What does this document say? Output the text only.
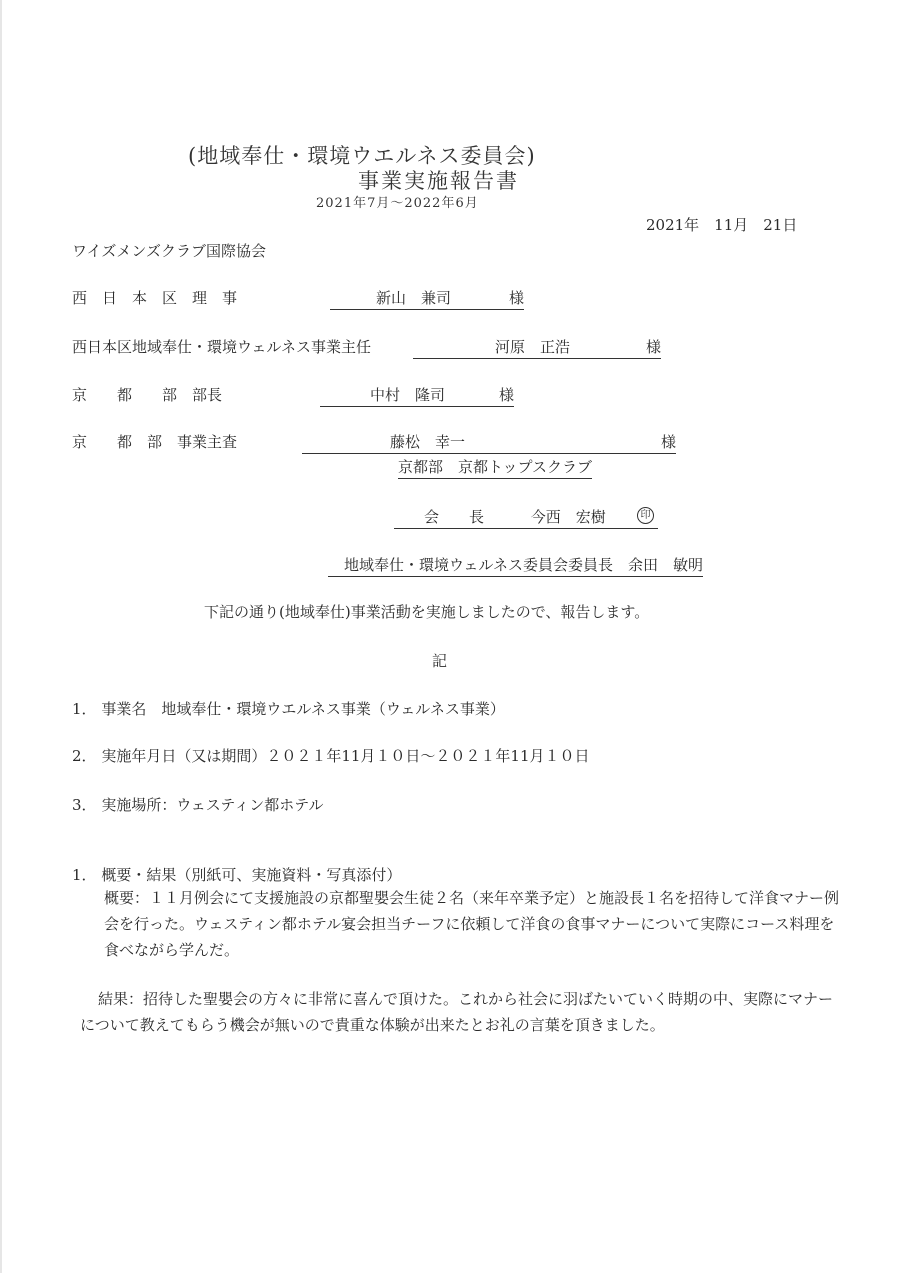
(地域奉仕・環境ウエルネス委員会)
事業実施報告書
2021年7月〜2022年6月
2021年　11月　21日
ワイズメンズクラブ国際協会
西　日　本　区　理　事	新山　兼司	様
西日本区地域奉仕・環境ウェルネス事業主任	河原　正浩	様
京　　都　　部　部長	中村　隆司	様
京　　都　部　事業主査	藤松　幸一	様
京都部　京都トップスクラブ
会　　長	今西　宏樹	印
地域奉仕・環境ウェルネス委員会委員長　余田　敏明
下記の通り(地域奉仕)事業活動を実施しましたので、報告します。
記
1． 事業名　地域奉仕・環境ウエルネス事業（ウェルネス事業）
2． 実施年月日（又は期間）２０２１年11月１０日〜２０２１年11月１０日
3． 実施場所：ウェスティン都ホテル
1． 概要・結果（別紙可、実施資料・写真添付）
概要：１１月例会にて支援施設の京都聖嬰会生徒２名（来年卒業予定）と施設長１名を招待して洋食マナー例会を行った。ウェスティン都ホテル宴会担当チーフに依頼して洋食の食事マナーについて実際にコース料理を食べながら学んだ。
結果：招待した聖嬰会の方々に非常に喜んで頂けた。これから社会に羽ばたいていく時期の中、実際にマナーについて教えてもらう機会が無いので貴重な体験が出来たとお礼の言葉を頂きました。
